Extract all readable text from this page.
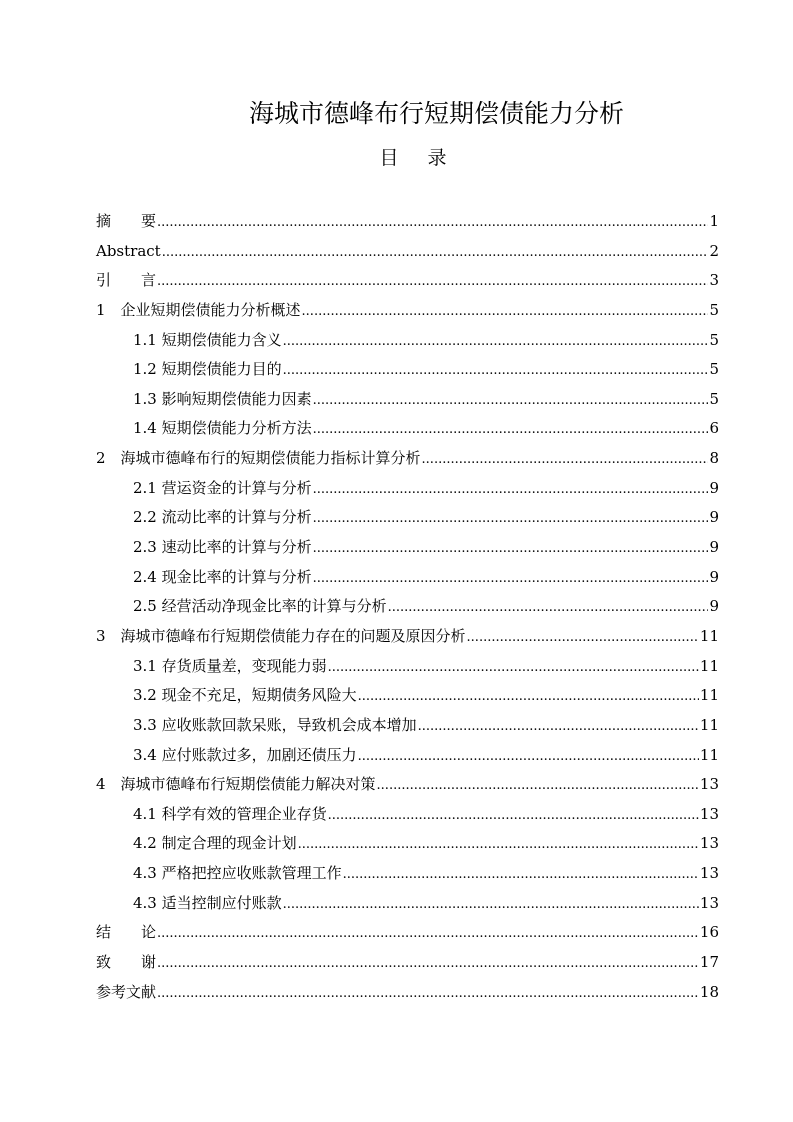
海城市德峰布行短期偿债能力分析
目录
摘　　要 .....	1
Abstract .....	2
引　　言 .....	3
1　企业短期偿债能力分析概述 .....	5
1.1 短期偿债能力含义 .....	5
1.2 短期偿债能力目的 .....	5
1.3 影响短期偿债能力因素 .....	5
1.4 短期偿债能力分析方法 .....	6
2　海城市德峰布行的短期偿债能力指标计算分析 .....	8
2.1 营运资金的计算与分析 .....	9
2.2 流动比率的计算与分析 .....	9
2.3 速动比率的计算与分析 .....	9
2.4 现金比率的计算与分析 .....	9
2.5 经营活动净现金比率的计算与分析 .....	9
3　海城市德峰布行短期偿债能力存在的问题及原因分析 .....	11
3.1 存货质量差，变现能力弱 .....	11
3.2 现金不充足，短期债务风险大 .....	11
3.3 应收账款回款呆账，导致机会成本增加 .....	11
3.4 应付账款过多，加剧还债压力 .....	11
4　海城市德峰布行短期偿债能力解决对策 .....	13
4.1 科学有效的管理企业存货 .....	13
4.2 制定合理的现金计划 .....	13
4.3 严格把控应收账款管理工作 .....	13
4.3 适当控制应付账款 .....	13
结　　论 .....	16
致　　谢 .....	17
参考文献 .....	18
